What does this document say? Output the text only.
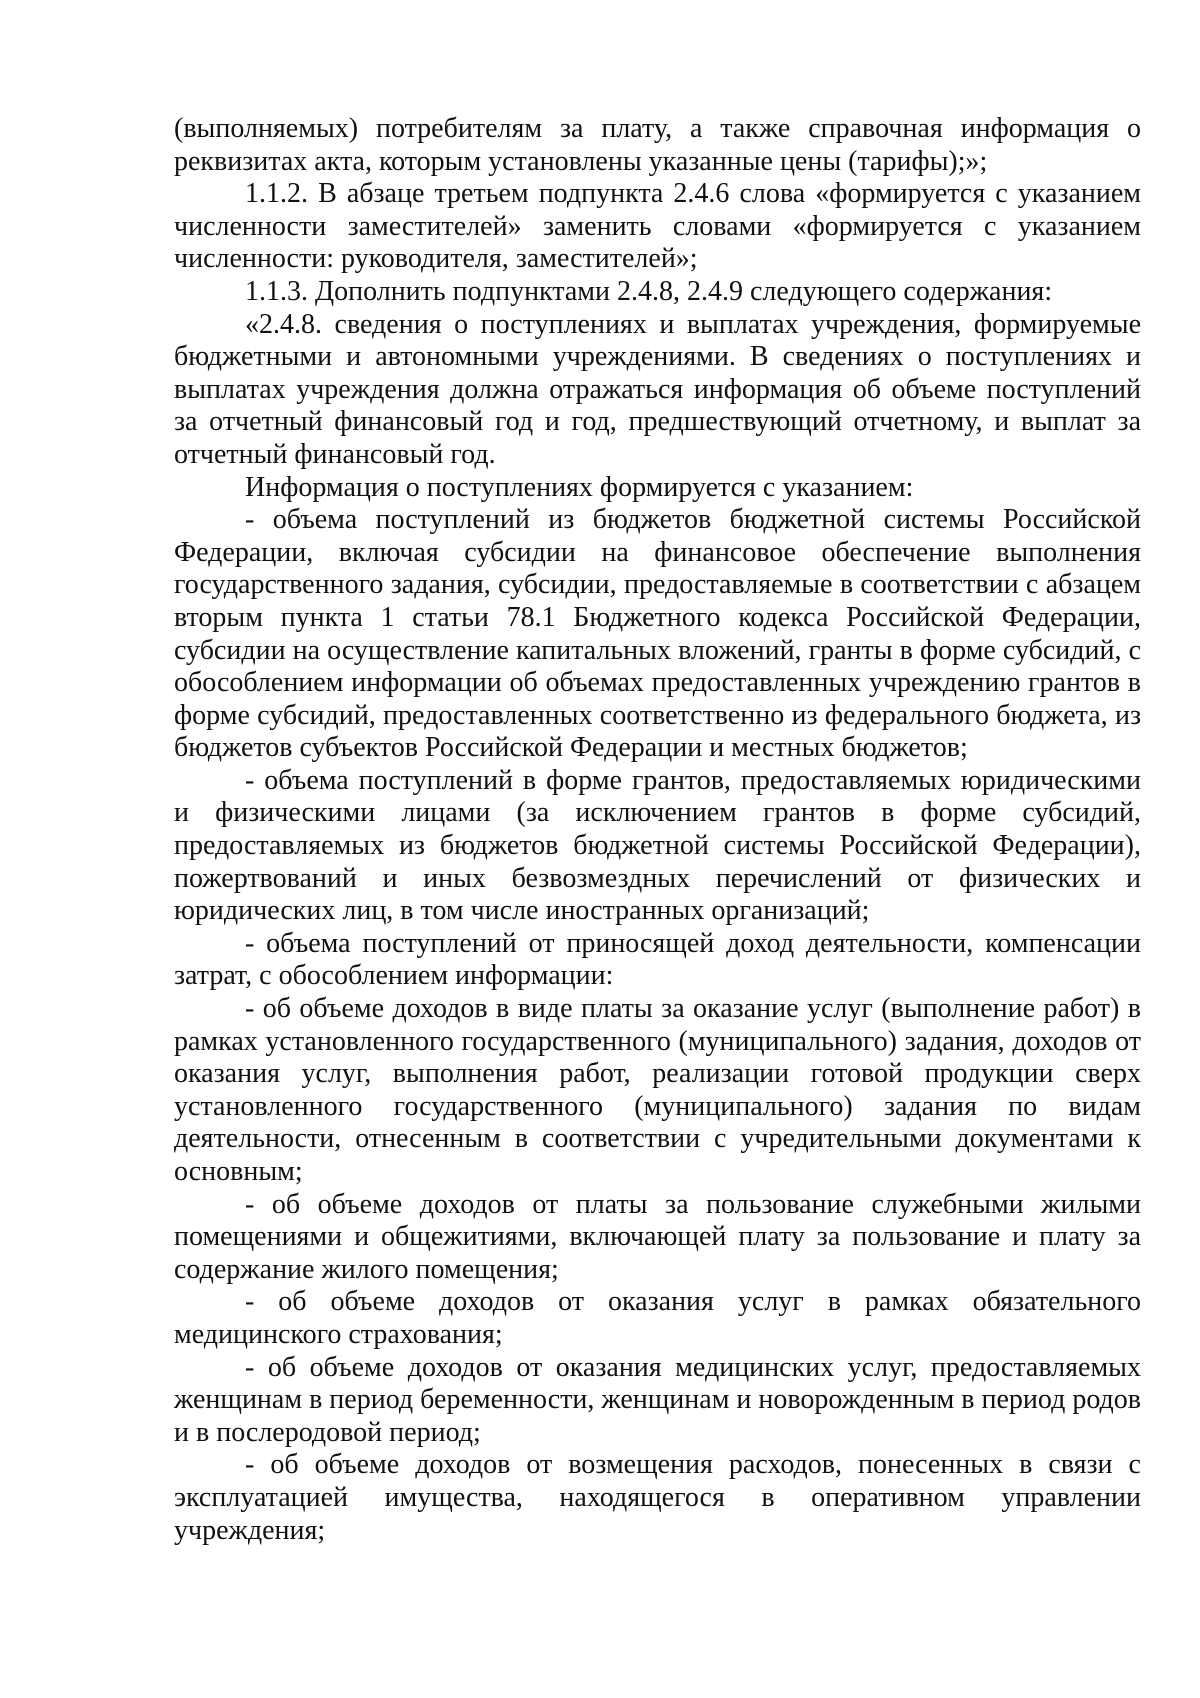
(выполняемых) потребителям за плату, а также справочная информация о реквизитах акта, которым установлены указанные цены (тарифы);»;

1.1.2. В абзаце третьем подпункта 2.4.6 слова «формируется с указанием численности заместителей» заменить словами «формируется с указанием численности: руководителя, заместителей»;

1.1.3. Дополнить подпунктами 2.4.8, 2.4.9 следующего содержания:

«2.4.8. сведения о поступлениях и выплатах учреждения, формируемые бюджетными и автономными учреждениями. В сведениях о поступлениях и выплатах учреждения должна отражаться информация об объеме поступлений за отчетный финансовый год и год, предшествующий отчетному, и выплат за отчетный финансовый год.

Информация о поступлениях формируется с указанием:

- объема поступлений из бюджетов бюджетной системы Российской Федерации, включая субсидии на финансовое обеспечение выполнения государственного задания, субсидии, предоставляемые в соответствии с абзацем вторым пункта 1 статьи 78.1 Бюджетного кодекса Российской Федерации, субсидии на осуществление капитальных вложений, гранты в форме субсидий, с обособлением информации об объемах предоставленных учреждению грантов в форме субсидий, предоставленных соответственно из федерального бюджета, из бюджетов субъектов Российской Федерации и местных бюджетов;

- объема поступлений в форме грантов, предоставляемых юридическими и физическими лицами (за исключением грантов в форме субсидий, предоставляемых из бюджетов бюджетной системы Российской Федерации), пожертвований и иных безвозмездных перечислений от физических и юридических лиц, в том числе иностранных организаций;

- объема поступлений от приносящей доход деятельности, компенсации затрат, с обособлением информации:

- об объеме доходов в виде платы за оказание услуг (выполнение работ) в рамках установленного государственного (муниципального) задания, доходов от оказания услуг, выполнения работ, реализации готовой продукции сверх установленного государственного (муниципального) задания по видам деятельности, отнесенным в соответствии с учредительными документами к основным;

- об объеме доходов от платы за пользование служебными жилыми помещениями и общежитиями, включающей плату за пользование и плату за содержание жилого помещения;

- об объеме доходов от оказания услуг в рамках обязательного медицинского страхования;

- об объеме доходов от оказания медицинских услуг, предоставляемых женщинам в период беременности, женщинам и новорожденным в период родов и в послеродовой период;

- об объеме доходов от возмещения расходов, понесенных в связи с эксплуатацией имущества, находящегося в оперативном управлении учреждения;
